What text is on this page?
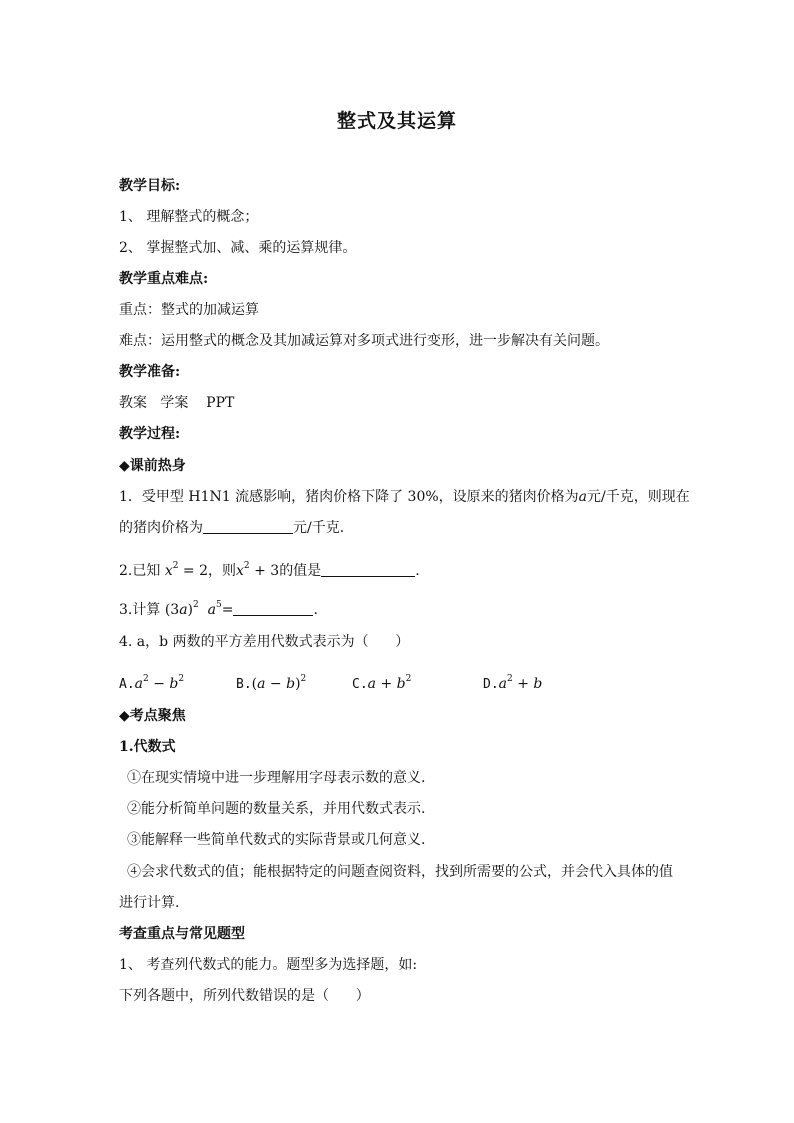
整式及其运算
教学目标:
1、 理解整式的概念；
2、 掌握整式加、减、乘的运算规律。
教学重点难点:
重点：整式的加减运算
难点：运用整式的概念及其加减运算对多项式进行变形，进一步解决有关问题。
教学准备:
教案   学案    PPT
教学过程:
◆课前热身
1．受甲型 H1N1 流感影响，猪肉价格下降了 30%，设原来的猪肉价格为a元/千克，则现在
的猪肉价格为	元/千克．
2.已知 $x^2 = 2$，则$x^2 + 3$的值是	.
3.计算 $(3a)^2$  $a^5=$	.
4. a，b 两数的平方差用代数式表示为（      ）
$A.a^2 - b^2$	$B.(a - b)^2$	$C.a + b^2$	$D.a^2 + b$
◆考点聚焦
1.代数式
①在现实情境中进一步理解用字母表示数的意义.
②能分析简单问题的数量关系，并用代数式表示.
③能解释一些简单代数式的实际背景或几何意义.
④会求代数式的值；能根据特定的问题查阅资料，找到所需要的公式，并会代入具体的值
进行计算.
考查重点与常见题型
1、 考查列代数式的能力。题型多为选择题，如:
下列各题中，所列代数错误的是（      ）
